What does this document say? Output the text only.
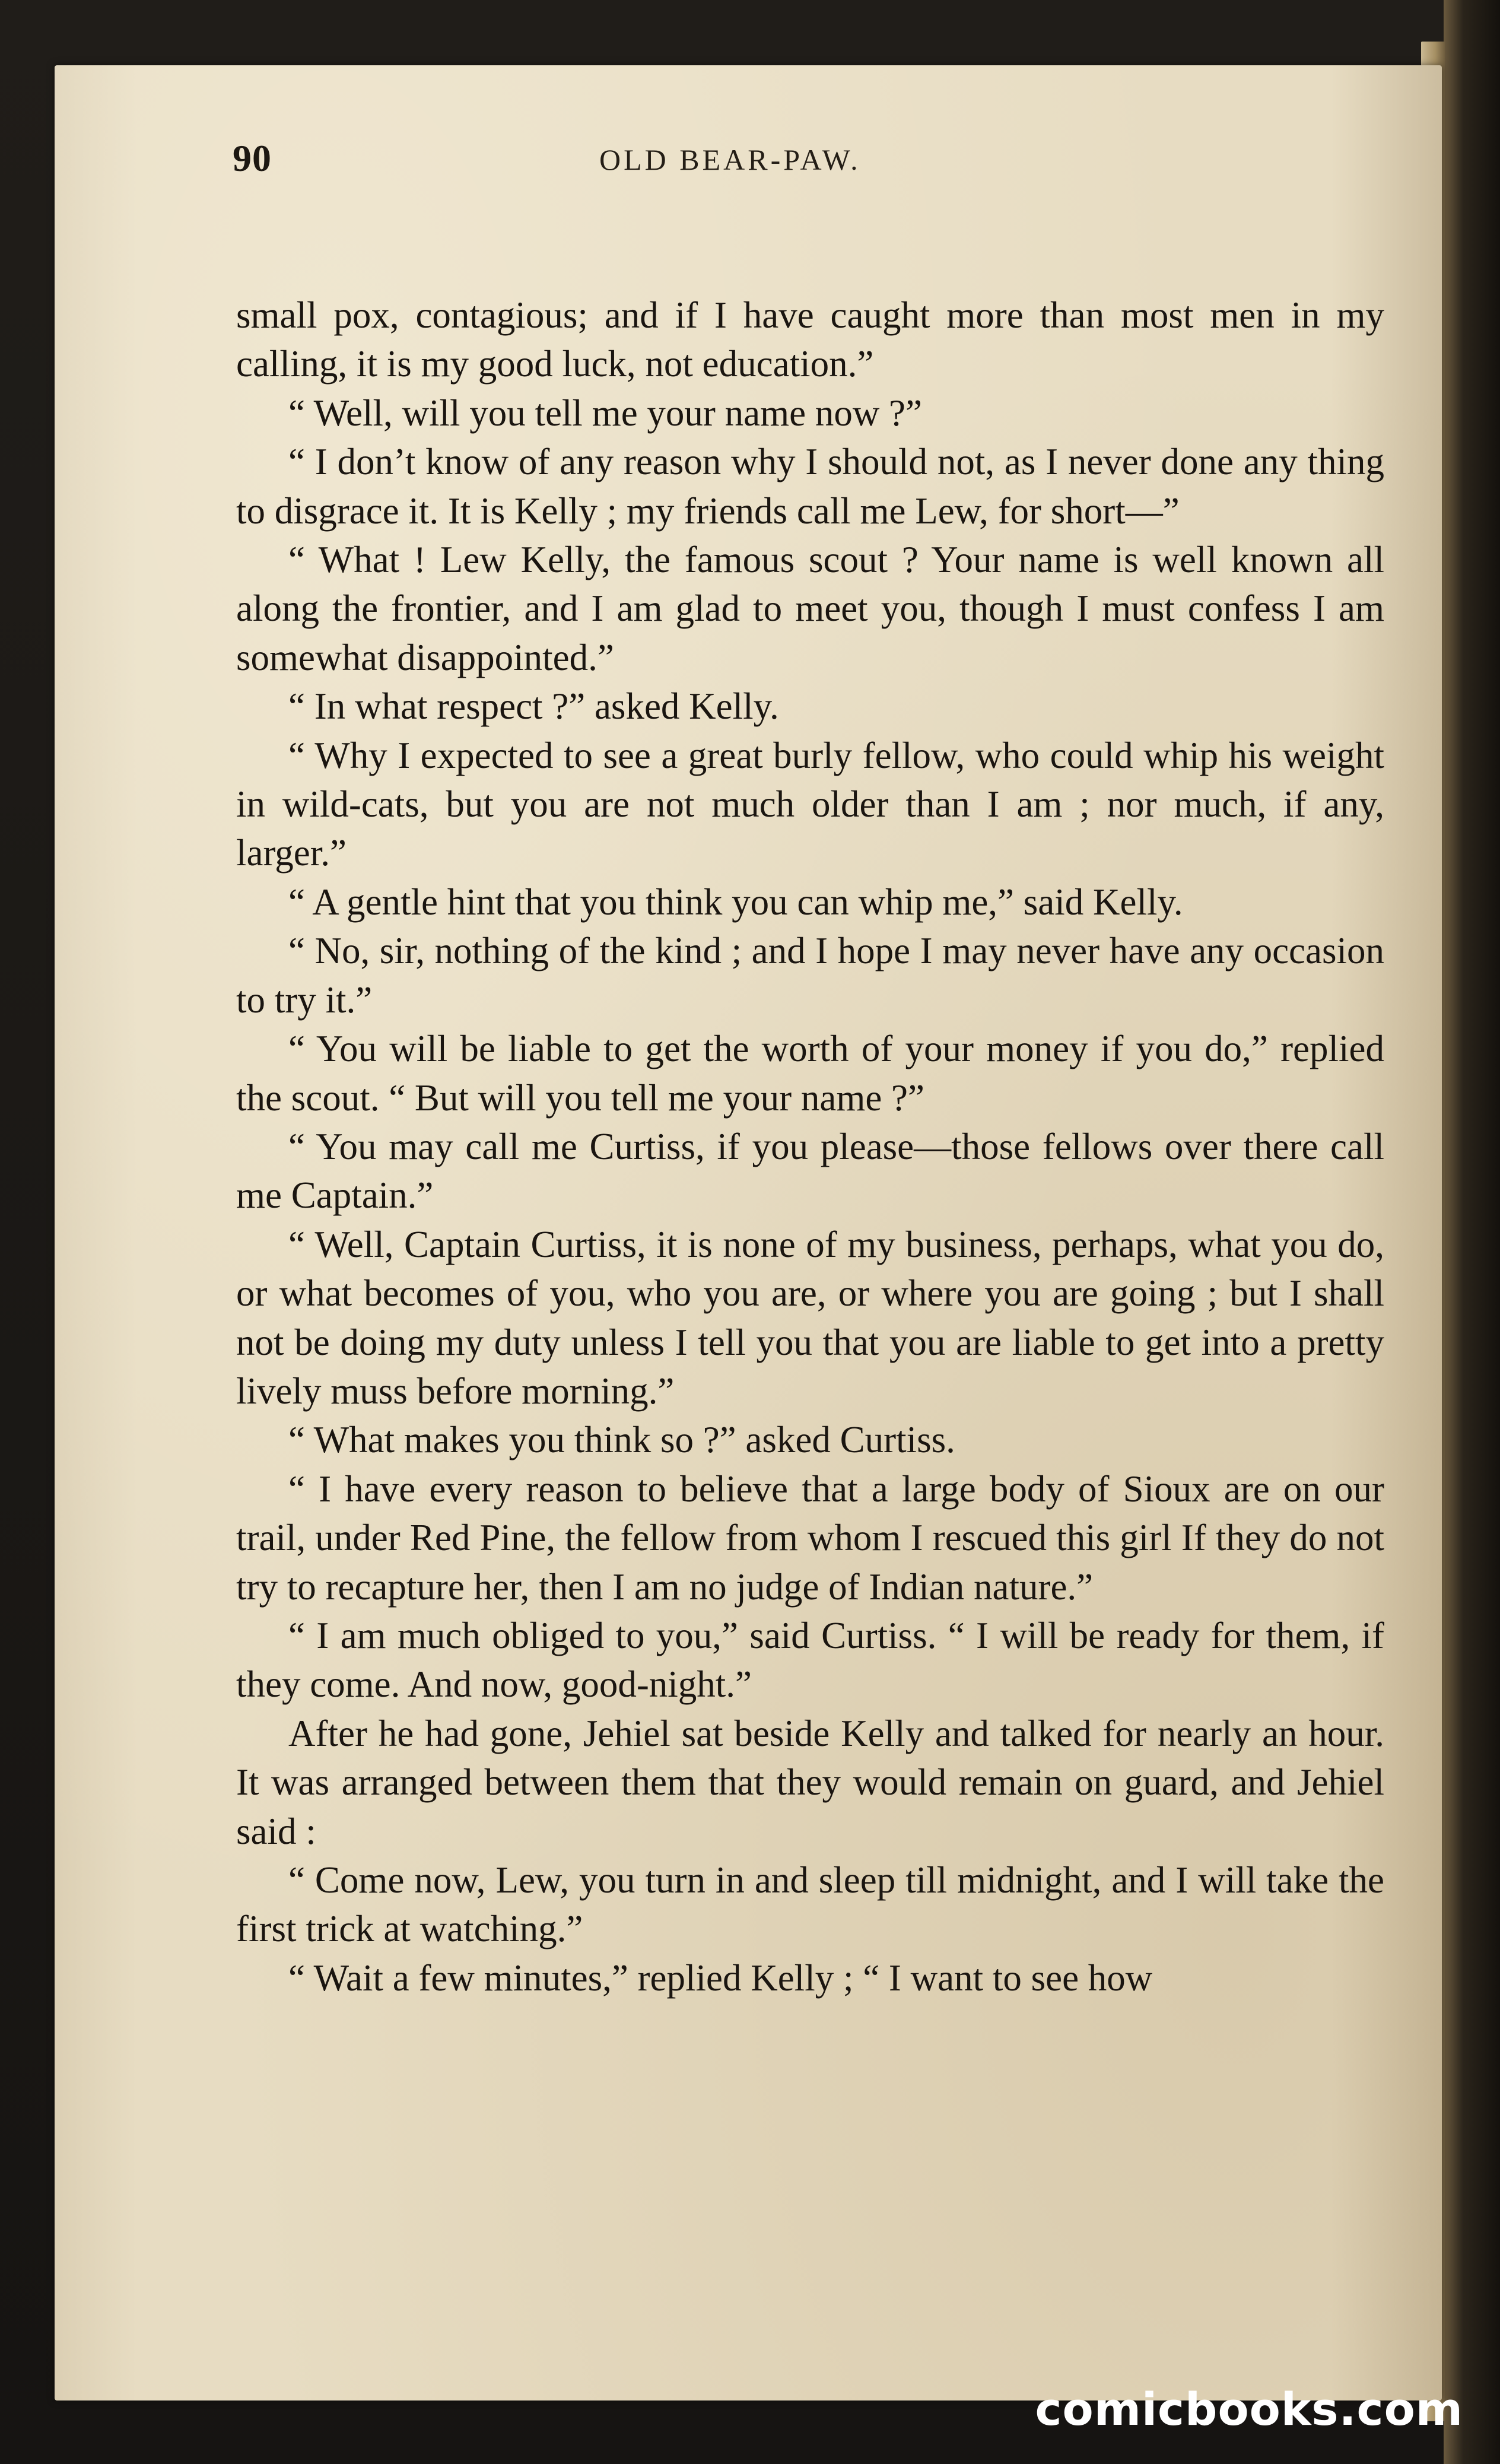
90	OLD BEAR-PAW.

small pox, contagious; and if I have caught more than most men in my calling, it is my good luck, not education.”

“ Well, will you tell me your name now ?”

“ I don’t know of any reason why I should not, as I never done any thing to disgrace it. It is Kelly ; my friends call me Lew, for short—”

“ What ! Lew Kelly, the famous scout ? Your name is well known all along the frontier, and I am glad to meet you, though I must confess I am somewhat disappointed.”

“ In what respect ?” asked Kelly.

“ Why I expected to see a great burly fellow, who could whip his weight in wild-cats, but you are not much older than I am ; nor much, if any, larger.”

“ A gentle hint that you think you can whip me,” said Kelly.

“ No, sir, nothing of the kind ; and I hope I may never have any occasion to try it.”

“ You will be liable to get the worth of your money if you do,” replied the scout. “ But will you tell me your name ?”

“ You may call me Curtiss, if you please—those fellows over there call me Captain.”

“ Well, Captain Curtiss, it is none of my business, perhaps, what you do, or what becomes of you, who you are, or where you are going ; but I shall not be doing my duty unless I tell you that you are liable to get into a pretty lively muss before morning.”

“ What makes you think so ?” asked Curtiss.

“ I have every reason to believe that a large body of Sioux are on our trail, under Red Pine, the fellow from whom I rescued this girl If they do not try to recapture her, then I am no judge of Indian nature.”

“ I am much obliged to you,” said Curtiss. “ I will be ready for them, if they come. And now, good-night.”

After he had gone, Jehiel sat beside Kelly and talked for nearly an hour. It was arranged between them that they would remain on guard, and Jehiel said :

“ Come now, Lew, you turn in and sleep till midnight, and I will take the first trick at watching.”

“ Wait a few minutes,” replied Kelly ; “ I want to see how

comicbooks.com
